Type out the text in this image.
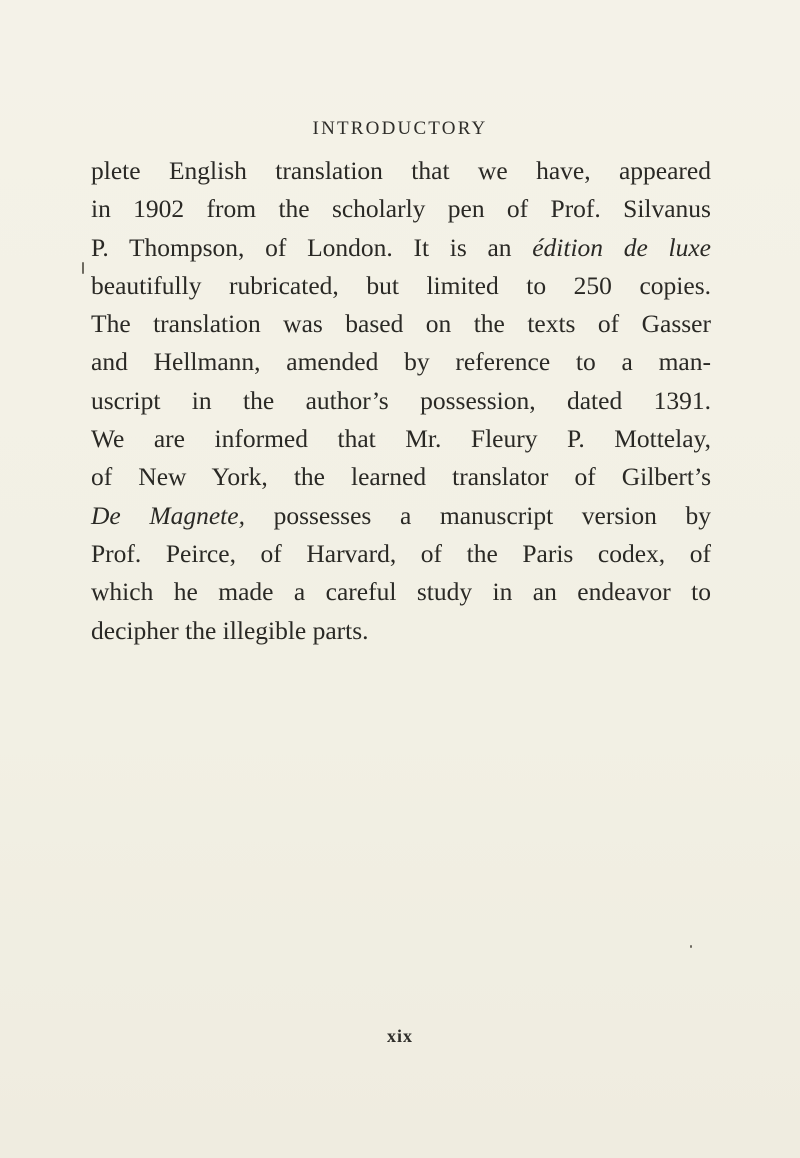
INTRODUCTORY
plete English translation that we have, appeared
in 1902 from the scholarly pen of Prof. Silvanus
P. Thompson, of London. It is an édition de luxe
beautifully rubricated, but limited to 250 copies.
The translation was based on the texts of Gasser
and Hellmann, amended by reference to a man-
uscript in the author’s possession, dated 1391.
We are informed that Mr. Fleury P. Mottelay,
of New York, the learned translator of Gilbert’s
De Magnete, possesses a manuscript version by
Prof. Peirce, of Harvard, of the Paris codex, of
which he made a careful study in an endeavor to
decipher the illegible parts.
xix
